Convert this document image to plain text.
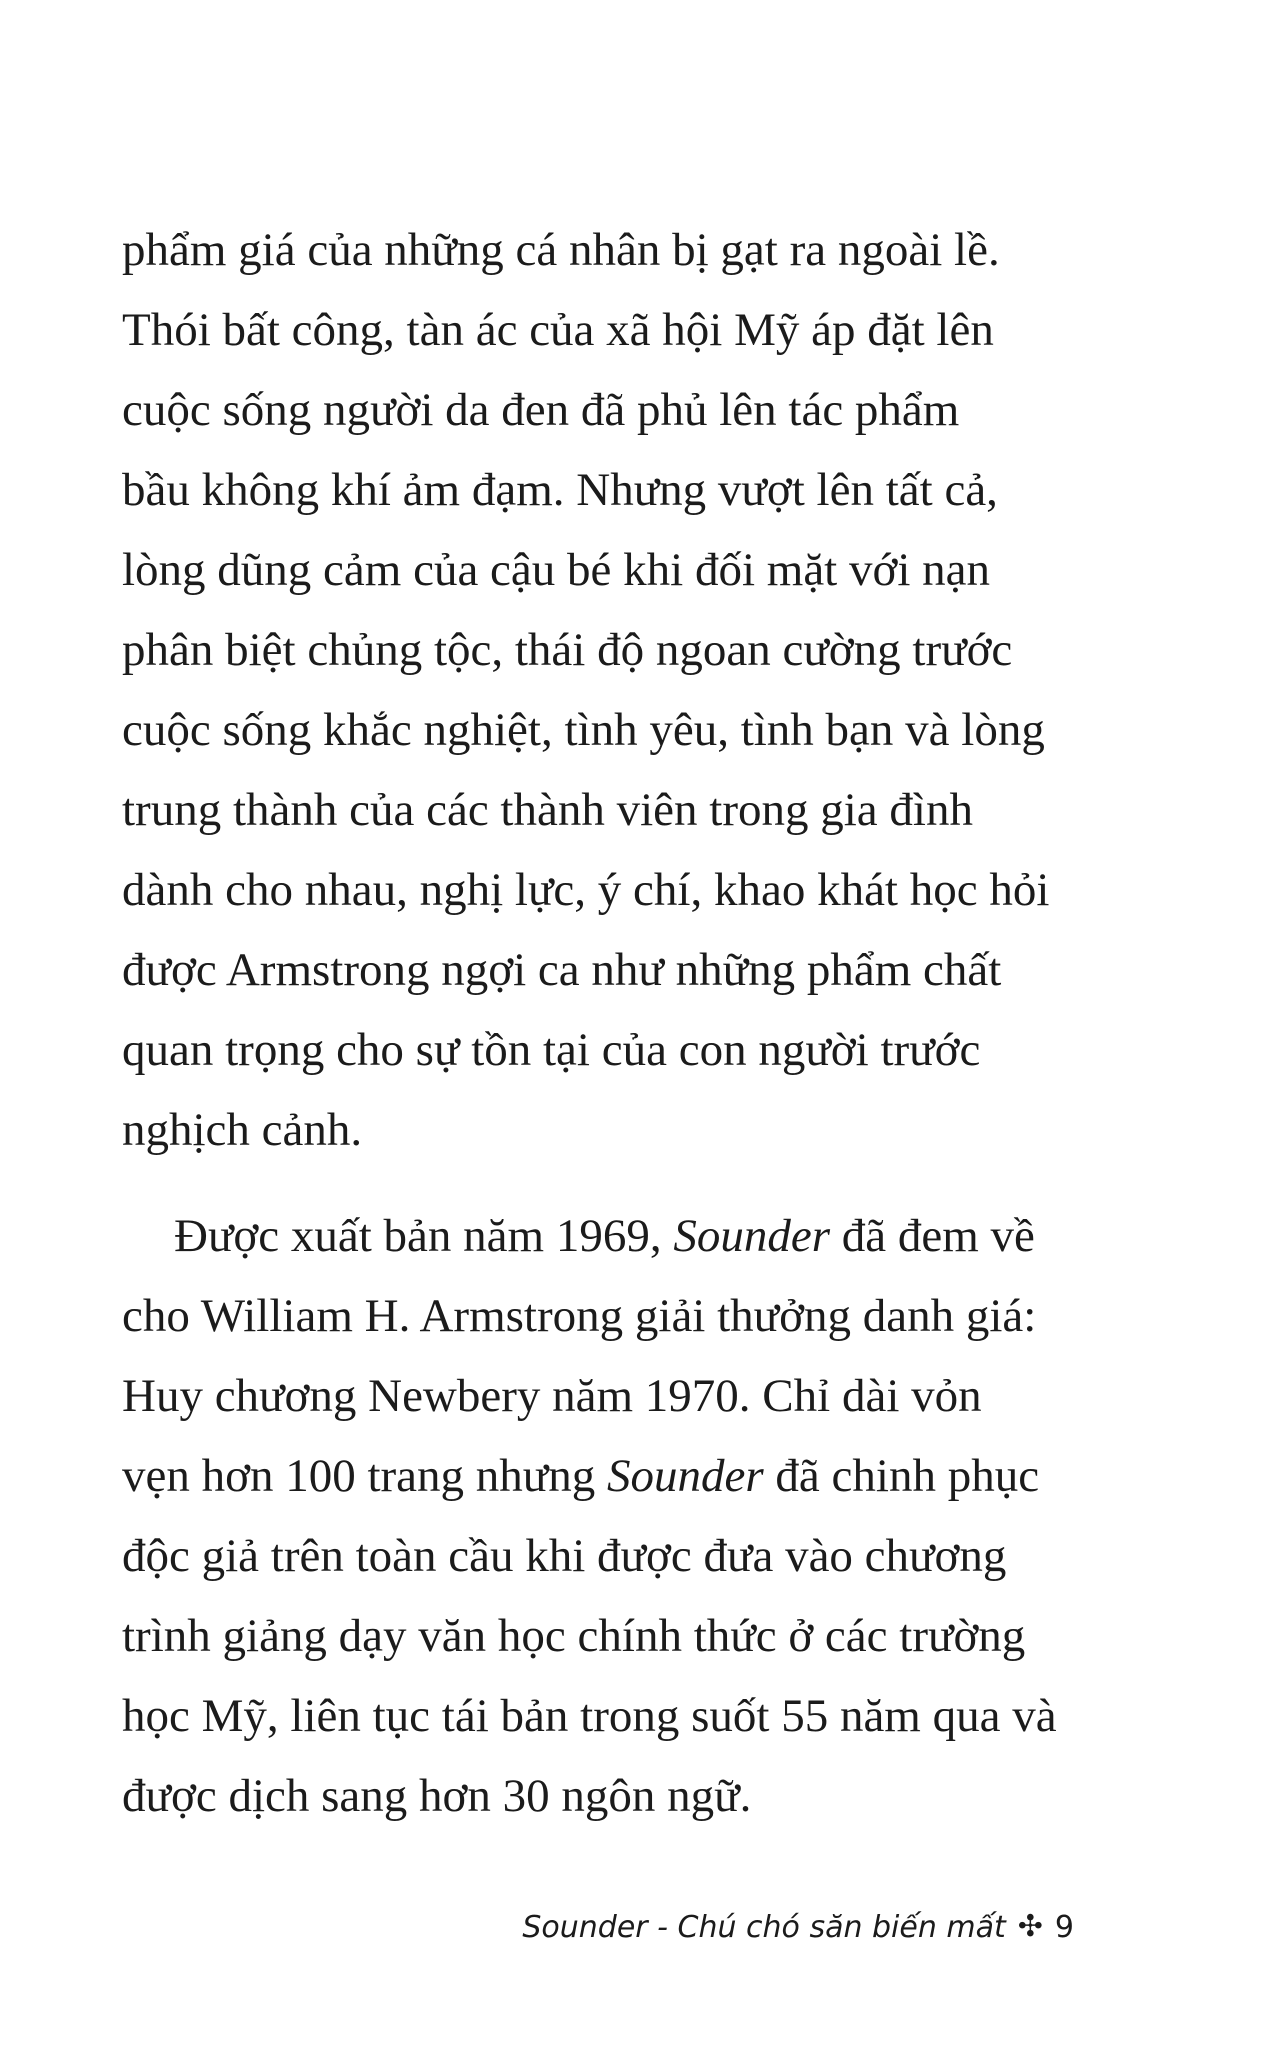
phẩm giá của những cá nhân bị gạt ra ngoài lề.
Thói bất công, tàn ác của xã hội Mỹ áp đặt lên
cuộc sống người da đen đã phủ lên tác phẩm
bầu không khí ảm đạm. Nhưng vượt lên tất cả,
lòng dũng cảm của cậu bé khi đối mặt với nạn
phân biệt chủng tộc, thái độ ngoan cường trước
cuộc sống khắc nghiệt, tình yêu, tình bạn và lòng
trung thành của các thành viên trong gia đình
dành cho nhau, nghị lực, ý chí, khao khát học hỏi
được Armstrong ngợi ca như những phẩm chất
quan trọng cho sự tồn tại của con người trước
nghịch cảnh.
Được xuất bản năm 1969, Sounder đã đem về
cho William H. Armstrong giải thưởng danh giá:
Huy chương Newbery năm 1970. Chỉ dài vỏn
vẹn hơn 100 trang nhưng Sounder đã chinh phục
độc giả trên toàn cầu khi được đưa vào chương
trình giảng dạy văn học chính thức ở các trường
học Mỹ, liên tục tái bản trong suốt 55 năm qua và
được dịch sang hơn 30 ngôn ngữ.
Sounder - Chú chó săn biến mất ✣ 9
